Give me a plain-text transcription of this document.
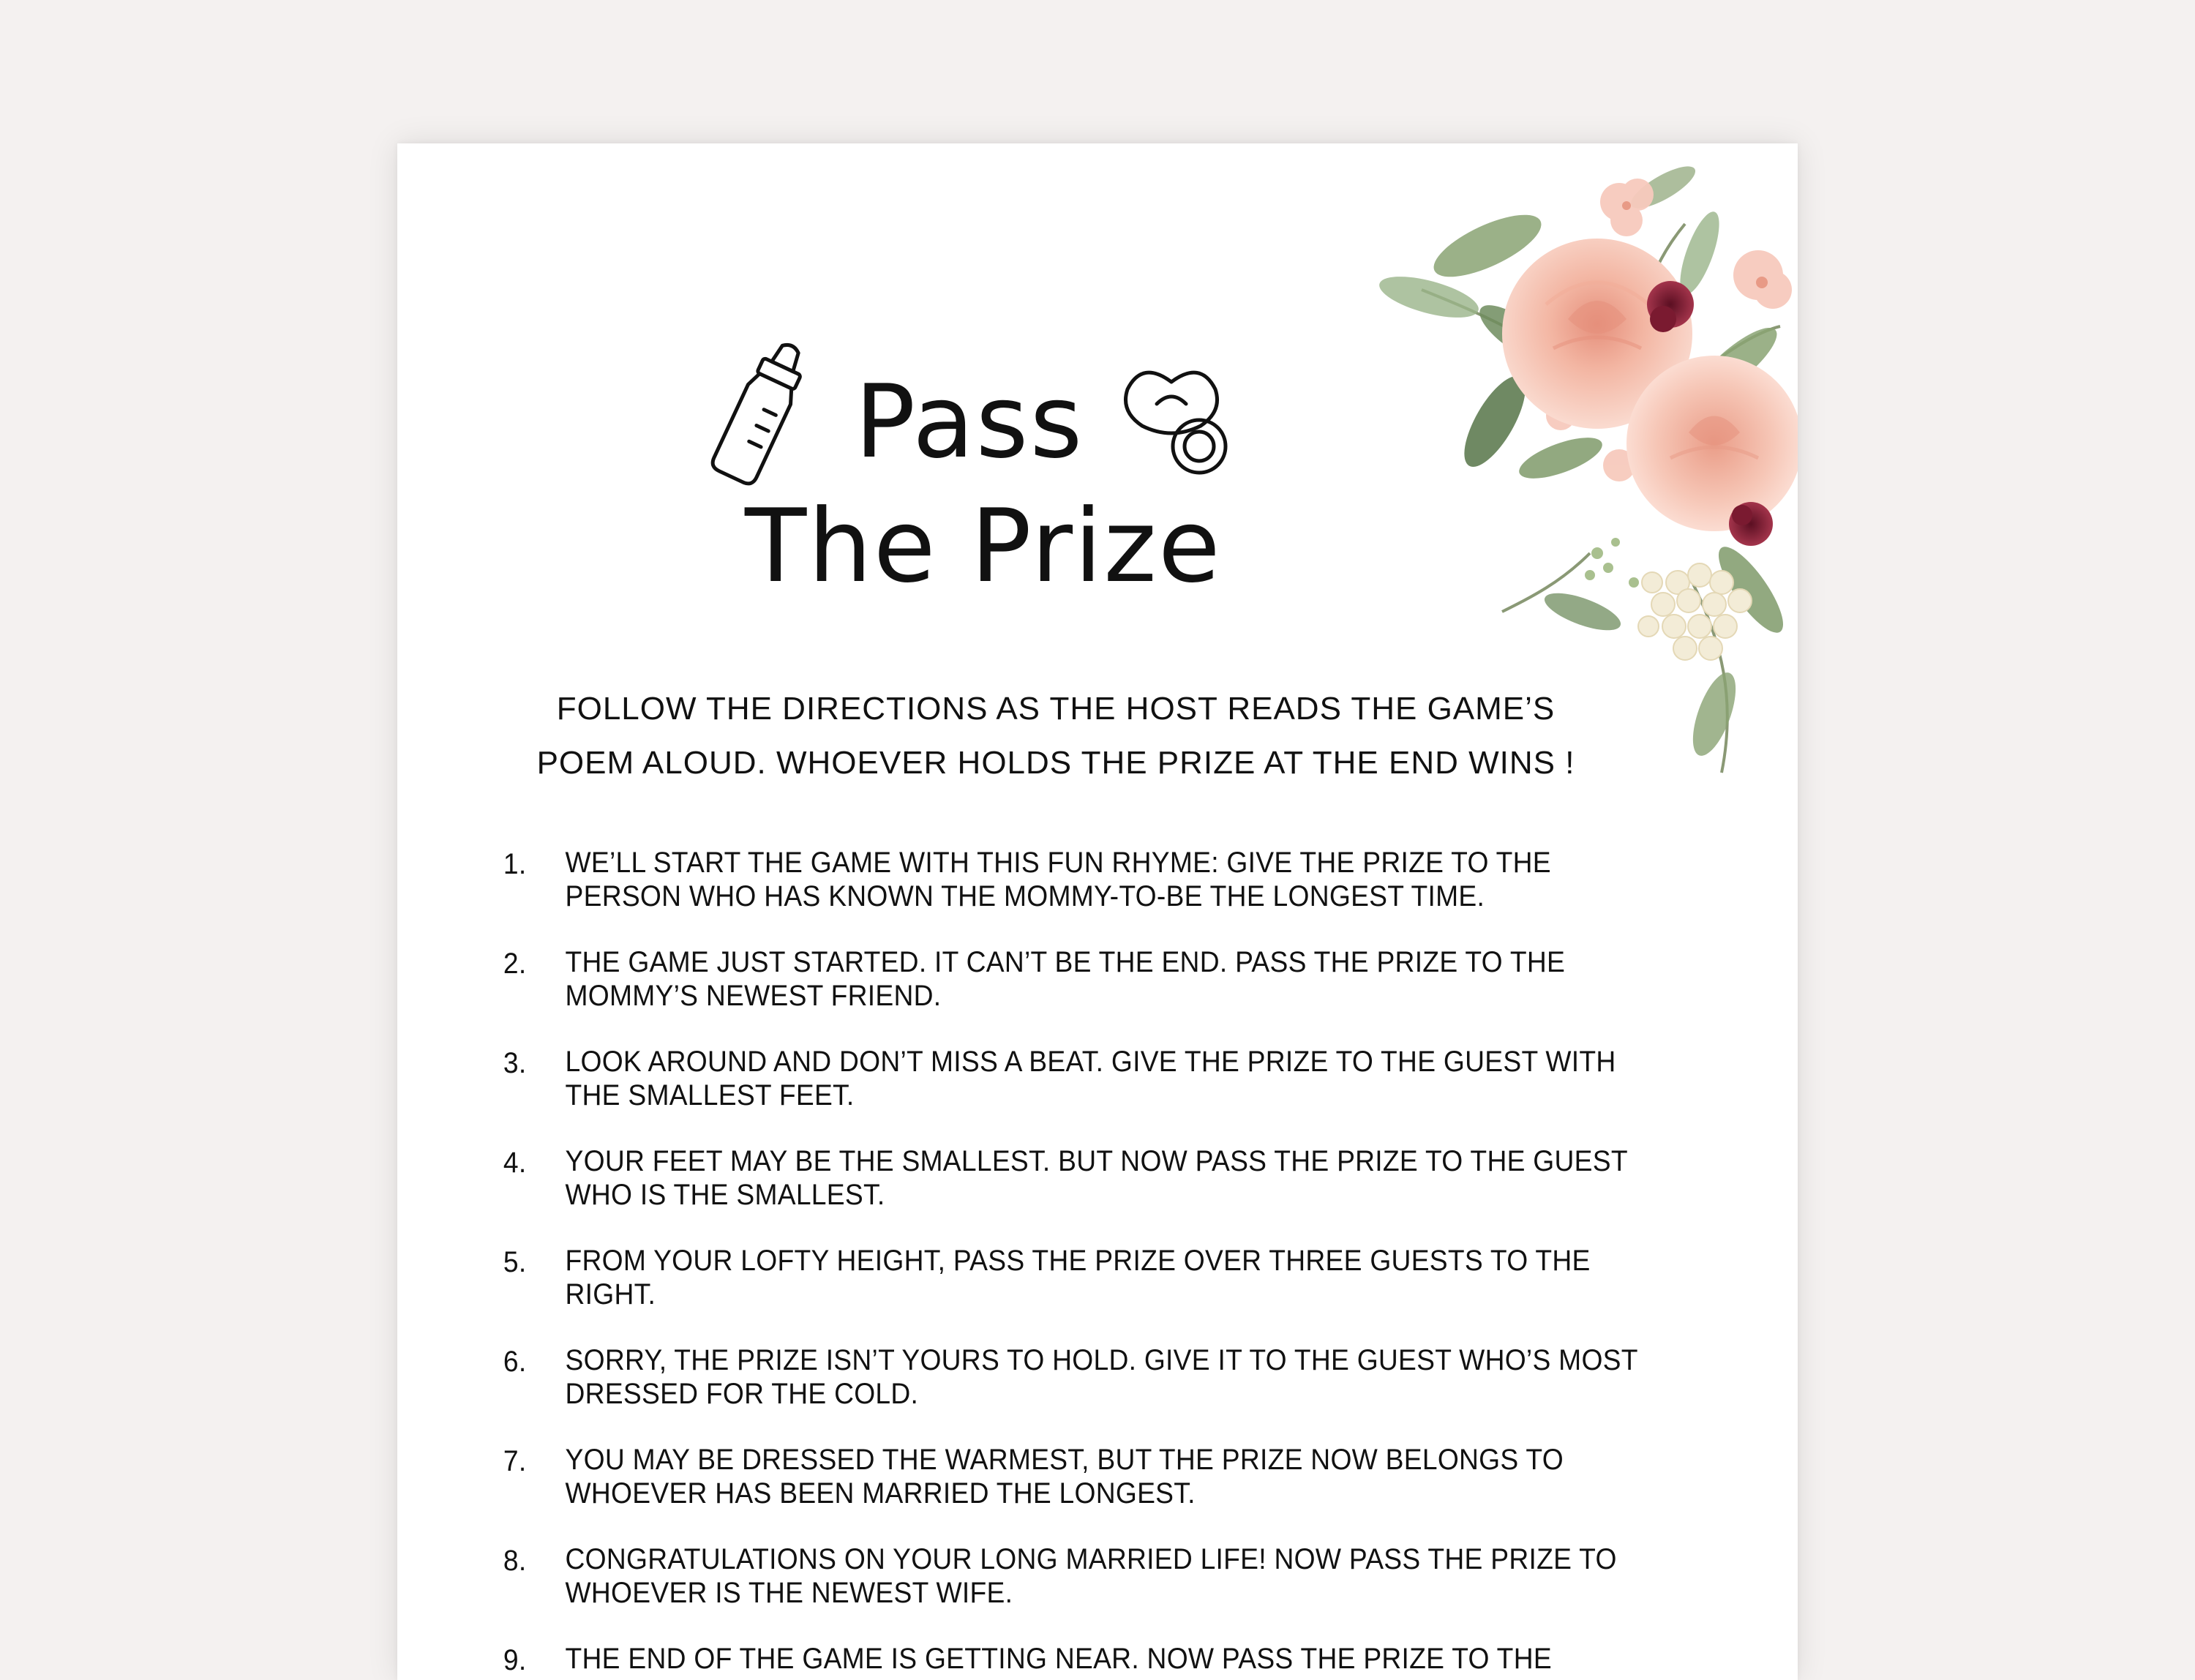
Pass
The Prize
FOLLOW THE DIRECTIONS AS THE HOST READS THE GAME’S
POEM ALOUD. WHOEVER HOLDS THE PRIZE AT THE END WINS !
1. WE’LL START THE GAME WITH THIS FUN RHYME: GIVE THE PRIZE TO THE
PERSON WHO HAS KNOWN THE MOMMY-TO-BE THE LONGEST TIME.
2. THE GAME JUST STARTED. IT CAN’T BE THE END. PASS THE PRIZE TO THE
MOMMY’S NEWEST FRIEND.
3. LOOK AROUND AND DON’T MISS A BEAT. GIVE THE PRIZE TO THE GUEST WITH
THE SMALLEST FEET.
4. YOUR FEET MAY BE THE SMALLEST. BUT NOW PASS THE PRIZE TO THE GUEST
WHO IS THE SMALLEST.
5. FROM YOUR LOFTY HEIGHT, PASS THE PRIZE OVER THREE GUESTS TO THE RIGHT.
6. SORRY, THE PRIZE ISN’T YOURS TO HOLD. GIVE IT TO THE GUEST WHO’S MOST
DRESSED FOR THE COLD.
7. YOU MAY BE DRESSED THE WARMEST, BUT THE PRIZE NOW BELONGS TO
WHOEVER HAS BEEN MARRIED THE LONGEST.
8. CONGRATULATIONS ON YOUR LONG MARRIED LIFE! NOW PASS THE PRIZE TO
WHOEVER IS THE NEWEST WIFE.
9. THE END OF THE GAME IS GETTING NEAR. NOW PASS THE PRIZE TO THE
